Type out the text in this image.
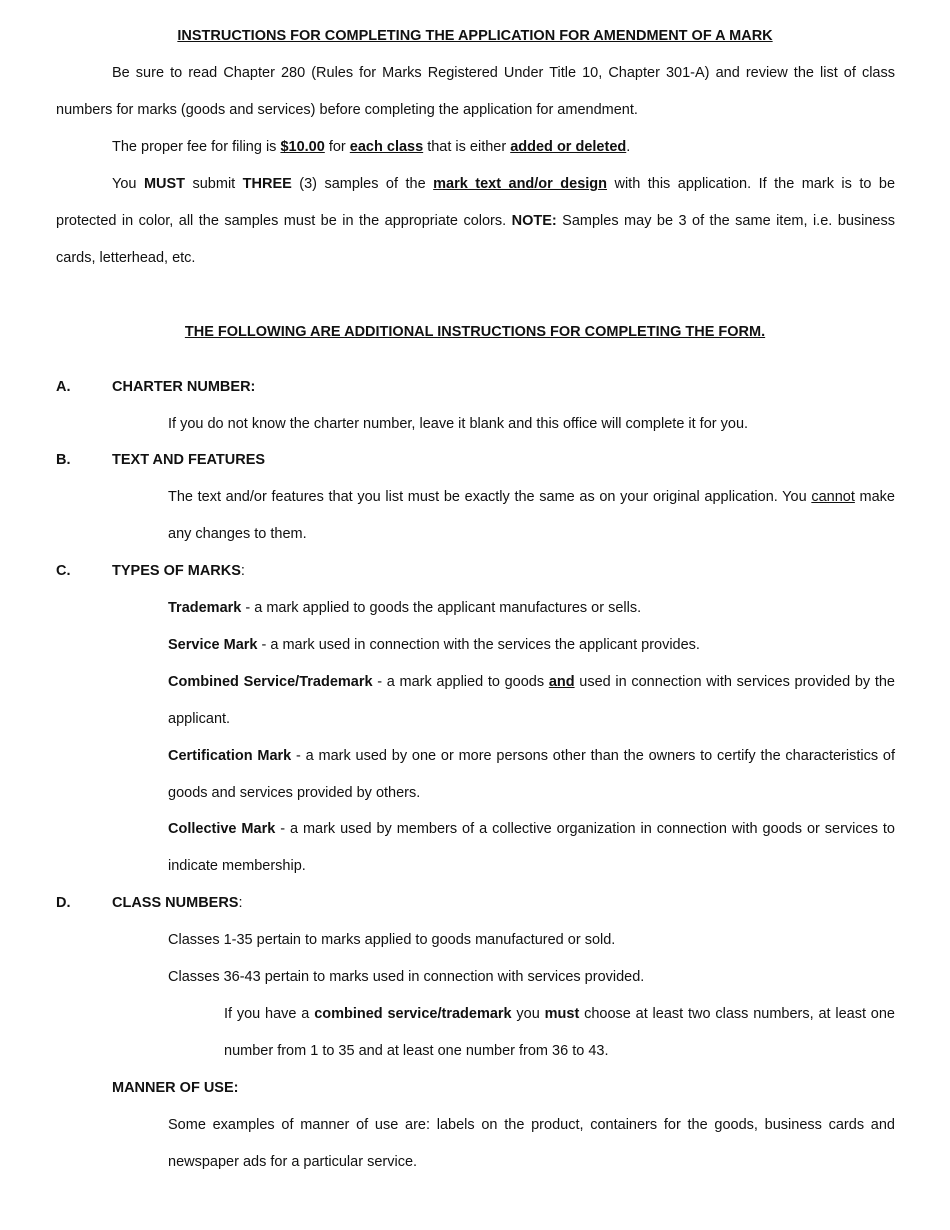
INSTRUCTIONS FOR COMPLETING THE APPLICATION FOR AMENDMENT OF A MARK
Be sure to read Chapter 280 (Rules for Marks Registered Under Title 10, Chapter 301-A) and review the list of class
numbers for marks (goods and services) before completing the application for amendment.
The proper fee for filing is $10.00 for each class that is either added or deleted.
You MUST submit THREE (3) samples of the mark text and/or design with this application. If the mark is to be
protected in color, all the samples must be in the appropriate colors. NOTE: Samples may be 3 of the same item, i.e. business
cards, letterhead, etc.
THE FOLLOWING ARE ADDITIONAL INSTRUCTIONS FOR COMPLETING THE FORM.
A.	CHARTER NUMBER:
If you do not know the charter number, leave it blank and this office will complete it for you.
B.	TEXT AND FEATURES
The text and/or features that you list must be exactly the same as on your original application. You cannot make
any changes to them.
C.	TYPES OF MARKS:
Trademark - a mark applied to goods the applicant manufactures or sells.
Service Mark - a mark used in connection with the services the applicant provides.
Combined Service/Trademark - a mark applied to goods and used in connection with services provided by the
applicant.
Certification Mark - a mark used by one or more persons other than the owners to certify the characteristics of
goods and services provided by others.
Collective Mark - a mark used by members of a collective organization in connection with goods or services to
indicate membership.
D.	CLASS NUMBERS:
Classes 1-35 pertain to marks applied to goods manufactured or sold.
Classes 36-43 pertain to marks used in connection with services provided.
If you have a combined service/trademark you must choose at least two class numbers, at least one
number from 1 to 35 and at least one number from 36 to 43.
MANNER OF USE:
Some examples of manner of use are: labels on the product, containers for the goods, business cards and
newspaper ads for a particular service.
